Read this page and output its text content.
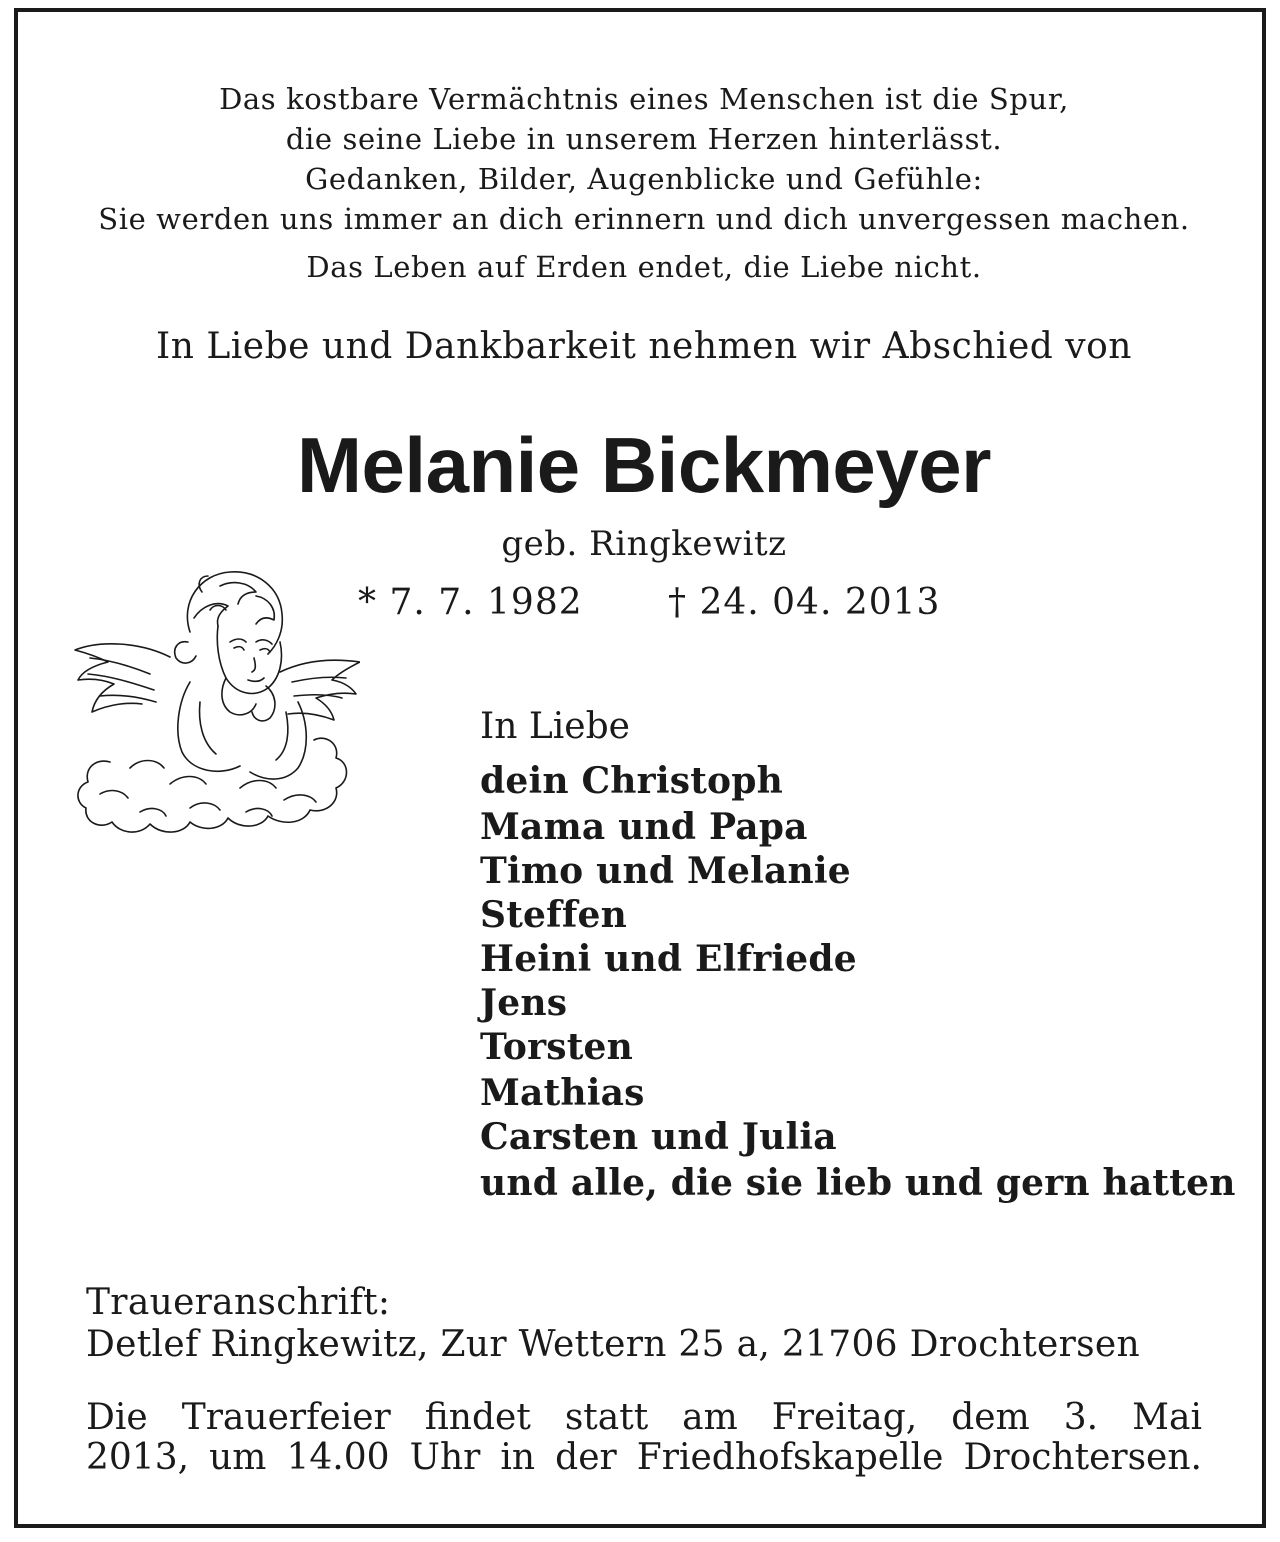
Das kostbare Vermächtnis eines Menschen ist die Spur,
die seine Liebe in unserem Herzen hinterlässt.
Gedanken, Bilder, Augenblicke und Gefühle:
Sie werden uns immer an dich erinnern und dich unvergessen machen.
Das Leben auf Erden endet, die Liebe nicht.
In Liebe und Dankbarkeit nehmen wir Abschied von
Melanie Bickmeyer
geb. Ringkewitz
* 7. 7. 1982 † 24. 04. 2013
In Liebe
dein Christoph
Mama und Papa
Timo und Melanie
Steffen
Heini und Elfriede
Jens
Torsten
Mathias
Carsten und Julia
und alle, die sie lieb und gern hatten
Traueranschrift:
Detlef Ringkewitz, Zur Wettern 25 a, 21706 Drochtersen
Die Trauerfeier findet statt am Freitag, dem 3. Mai
2013, um 14.00 Uhr in der Friedhofskapelle Drochtersen.
